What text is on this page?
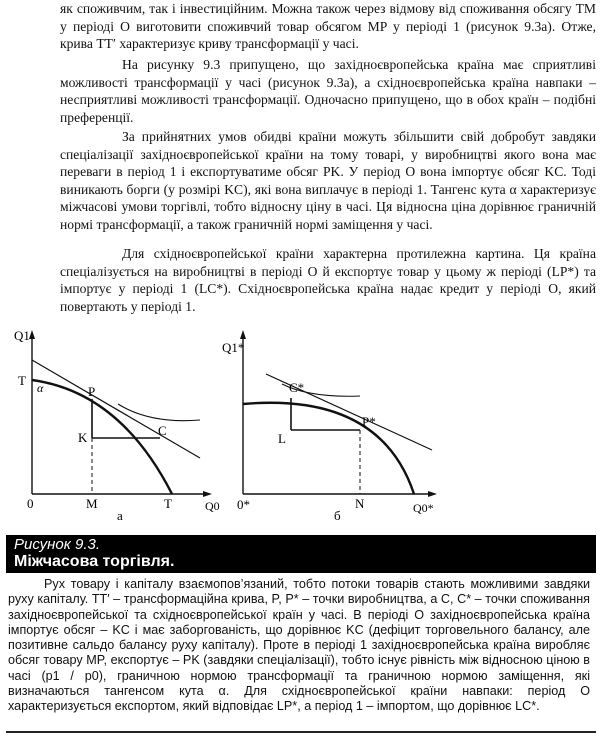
як споживчим, так і інвестиційним. Можна також через відмову від споживання обсягу TM у періоді O виготовити споживчий товар обсягом MP у періоді 1 (рисунок 9.3а). Отже, крива TT′ характеризує криву трансформації у часі.

На рисунку 9.3 припущено, що західноєвропейська країна має сприятливі можливості трансформації у часі (рисунок 9.3а), а східноєвропейська країна навпаки – несприятливі можливості трансформації. Одночасно припущено, що в обох країн – подібні преференції.

За прийнятних умов обидві країни можуть збільшити свій добробут завдяки спеціалізації західноєвропейської країни на тому товарі, у виробництві якого вона має переваги в період 1 і експортуватиме обсяг PK. У період O вона імпортує обсяг KC. Тоді виникають борги (у розмірі KC), які вона виплачує в періоді 1. Тангенс кута α характеризує міжчасові умови торгівлі, тобто відносну ціну в часі. Ця відносна ціна дорівнює граничній нормі трансформації, а також граничній нормі заміщення у часі.

Для східноєвропейської країни характерна протилежна картина. Ця країна спеціалізується на виробництві в періоді O й експортує товар у цьому ж періоді (LP*) та імпортує у періоді 1 (LC*). Східноєвропейська країна надає кредит у періоді O, який повертають у періоді 1.

Q1
T α	P
K	C
0	M	T	Q0
а
Q1*
C*
P*
L
0*	N	Q0*
б
Рисунок 9.3.
Міжчасова торгівля.

Рух товару і капіталу взаємопов’язаний, тобто потоки товарів стають можливими завдяки руху капіталу. TT′ – трансформаційна крива, P, P* – точки виробництва, а C, C* – точки споживання західноєвропейської та східноєвропейської країн у часі. В періоді O західноєвропейська країна імпортує обсяг – KC і має заборгованість, що дорівнює KC (дефіцит торговельного балансу, але позитивне сальдо балансу руху капіталу). Проте в періоді 1 західноєвропейська країна виробляє обсяг товару MP, експортує – PK (завдяки спеціалізації), тобто існує рівність між відносною ціною в часі (p1 / p0), граничною нормою трансформації та граничною нормою заміщення, які визначаються тангенсом кута α. Для східноєвропейської країни навпаки: період O характеризується експортом, який відповідає LP*, а період 1 – імпортом, що дорівнює LC*.
